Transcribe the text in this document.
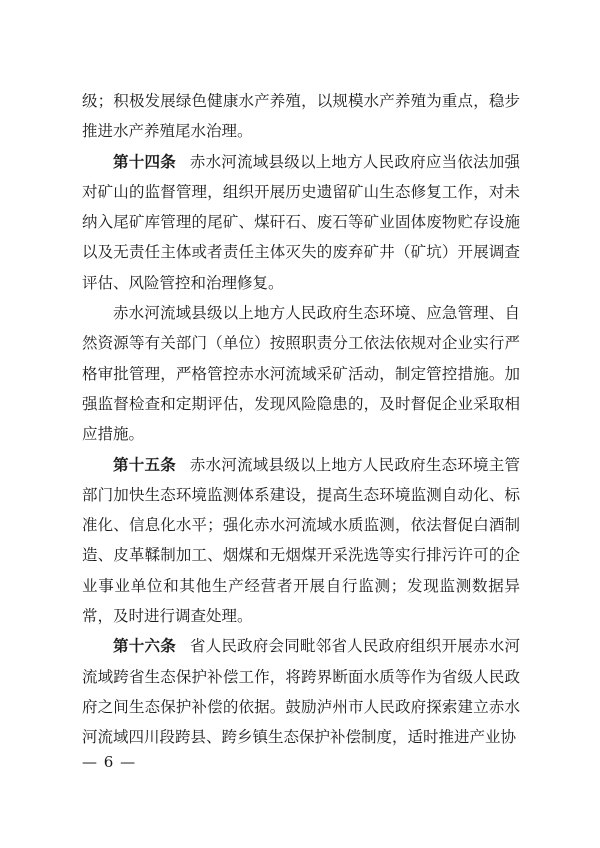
级；积极发展绿色健康水产养殖，以规模水产养殖为重点，稳步推进水产养殖尾水治理。

第十四条 赤水河流域县级以上地方人民政府应当依法加强对矿山的监督管理，组织开展历史遗留矿山生态修复工作，对未纳入尾矿库管理的尾矿、煤矸石、废石等矿业固体废物贮存设施以及无责任主体或者责任主体灭失的废弃矿井（矿坑）开展调查评估、风险管控和治理修复。

赤水河流域县级以上地方人民政府生态环境、应急管理、自然资源等有关部门（单位）按照职责分工依法依规对企业实行严格审批管理，严格管控赤水河流域采矿活动，制定管控措施。加强监督检查和定期评估，发现风险隐患的，及时督促企业采取相应措施。

第十五条 赤水河流域县级以上地方人民政府生态环境主管部门加快生态环境监测体系建设，提高生态环境监测自动化、标准化、信息化水平；强化赤水河流域水质监测，依法督促白酒制造、皮革鞣制加工、烟煤和无烟煤开采洗选等实行排污许可的企业事业单位和其他生产经营者开展自行监测；发现监测数据异常，及时进行调查处理。

第十六条 省人民政府会同毗邻省人民政府组织开展赤水河流域跨省生态保护补偿工作，将跨界断面水质等作为省级人民政府之间生态保护补偿的依据。鼓励泸州市人民政府探索建立赤水河流域四川段跨县、跨乡镇生态保护补偿制度，适时推进产业协

— 6 —
